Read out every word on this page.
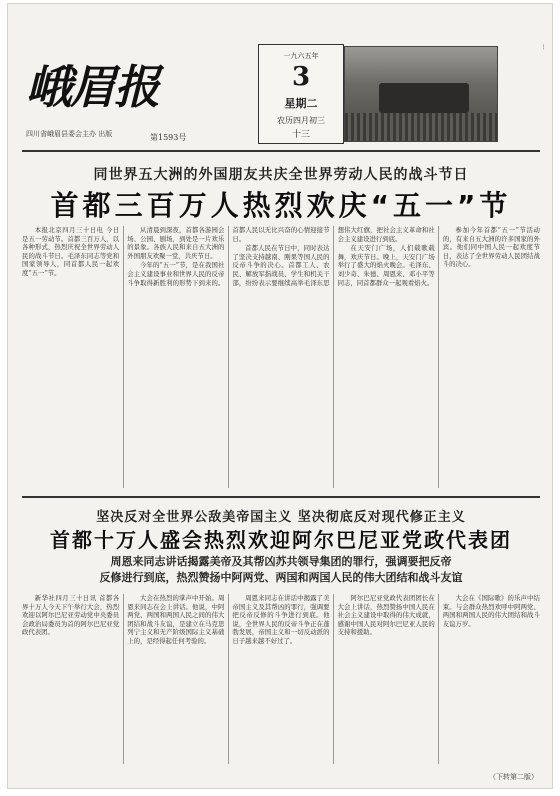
峨眉报
四川省峨眉县委会主办 出版	第1593号
一九六五年
3
星期二
农历四月初三
十三
...
同世界五大洲的外国朋友共庆全世界劳动人民的战斗节日
首都三百万人热烈欢庆“五一”节

本报北京四月三十日电 今日是五一劳动节。首都三百万人，以各种形式，热烈庆祝全世界劳动人民的战斗节日。毛泽东同志等党和国家领导人，同首都人民一起欢度“五一”节。

从清晨到深夜，首都各游园会场、公园、剧场，到处是一片欢乐的景象。各族人民和来自五大洲的外国朋友欢聚一堂，共庆节日。

今年的“五一”节，是在我国社会主义建设事业和世界人民的反帝斗争取得新胜利的形势下到来的。首都人民以无比兴奋的心情迎接节日。

首都人民在节日中，同时表达了坚决支持越南、刚果等国人民的反帝斗争的决心。首都工人、农民、解放军指战员、学生和机关干部，纷纷表示要继续高举毛泽东思想伟大红旗，把社会主义革命和社会主义建设进行到底。

在天安门广场，人们载歌载舞，欢庆节日。晚上，天安门广场举行了盛大的焰火晚会。毛泽东、刘少奇、朱德、周恩来、邓小平等同志，同首都群众一起观看焰火。

参加今年首都“五一”节活动的，有来自五大洲的许多国家的外宾。他们同中国人民一起欢度节日，表达了全世界劳动人民团结战斗的决心。

坚决反对全世界公敌美帝国主义 坚决彻底反对现代修正主义
首都十万人盛会热烈欢迎阿尔巴尼亚党政代表团
周恩来同志讲话揭露美帝及其帮凶苏共领导集团的罪行，强调要把反帝
反修进行到底，热烈赞扬中阿两党、两国和两国人民的伟大团结和战斗友谊

新华社四月三十日讯 首都各界十万人今天下午举行大会，热烈欢迎以阿尔巴尼亚劳动党中央委员会政治局委员为首的阿尔巴尼亚党政代表团。

大会在热烈的掌声中开始。周恩来同志在会上讲话。他说，中阿两党、两国和两国人民之间的伟大团结和战斗友谊，是建立在马克思列宁主义和无产阶级国际主义基础上的，是经得起任何考验的。

周恩来同志在讲话中揭露了美帝国主义及其帮凶的罪行，强调要把反帝反修的斗争进行到底。他说，全世界人民的反帝斗争正在蓬勃发展，帝国主义和一切反动派的日子越来越不好过了。

阿尔巴尼亚党政代表团团长在大会上讲话，热烈赞扬中国人民在社会主义建设中取得的伟大成就，感谢中国人民对阿尔巴尼亚人民的支持和援助。

大会在《国际歌》的乐声中结束。与会群众热烈欢呼中阿两党、两国和两国人民的伟大团结和战斗友谊万岁。

（下转第二版）
